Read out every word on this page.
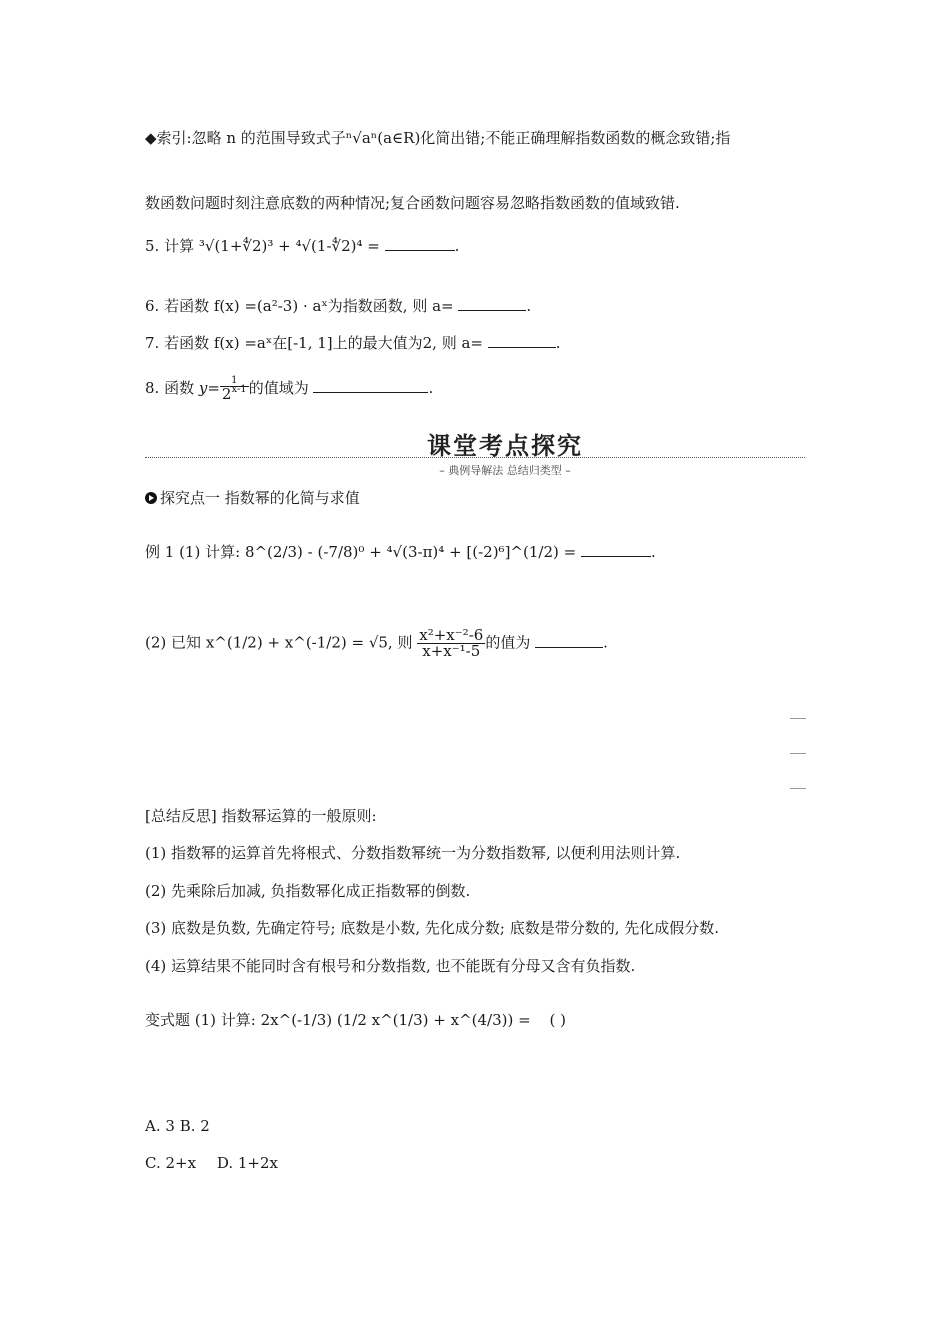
◆索引:忽略 n 的范围导致式子ⁿ√aⁿ(a∈R)化简出错;不能正确理解指数函数的概念致错;指
数函数问题时刻注意底数的两种情况;复合函数问题容易忽略指数函数的值域致错.
5. 计算 ³√(1+∜2)³ + ⁴√(1-∜2)⁴ =	.
6. 若函数 f(x) =(a²-3) · aˣ为指数函数, 则 a=	.
7. 若函数 f(x) =aˣ在[-1, 1]上的最大值为2, 则 a=	.
8. 函数 $y= \frac{1}{2^{x-1}}$ 的值域为	.
课堂考点探究
– 典例导解法 总结归类型 –
探究点一 指数幂的化简与求值
例 1 (1) 计算: 8^(2/3) - (-7/8)⁰ + ⁴√(3-π)⁴ + [(-2)⁶]^(1/2) =	.
(2) 已知 x^(1/2) + x^(-1/2) = √5, 则 $\frac{\text{x²+x⁻²-6}}{\text{x+x⁻¹-5}}$ 的值为	.
[总结反思] 指数幂运算的一般原则:
(1) 指数幂的运算首先将根式、分数指数幂统一为分数指数幂, 以便利用法则计算.
(2) 先乘除后加减, 负指数幂化成正指数幂的倒数.
(3) 底数是负数, 先确定符号; 底数是小数, 先化成分数; 底数是带分数的, 先化成假分数.
(4) 运算结果不能同时含有根号和分数指数, 也不能既有分母又含有负指数.
变式题 (1) 计算: 2x^(-1/3) (1/2 x^(1/3) + x^(4/3)) = ( )
A. 3 B. 2
C. 2+x D. 1+2x
